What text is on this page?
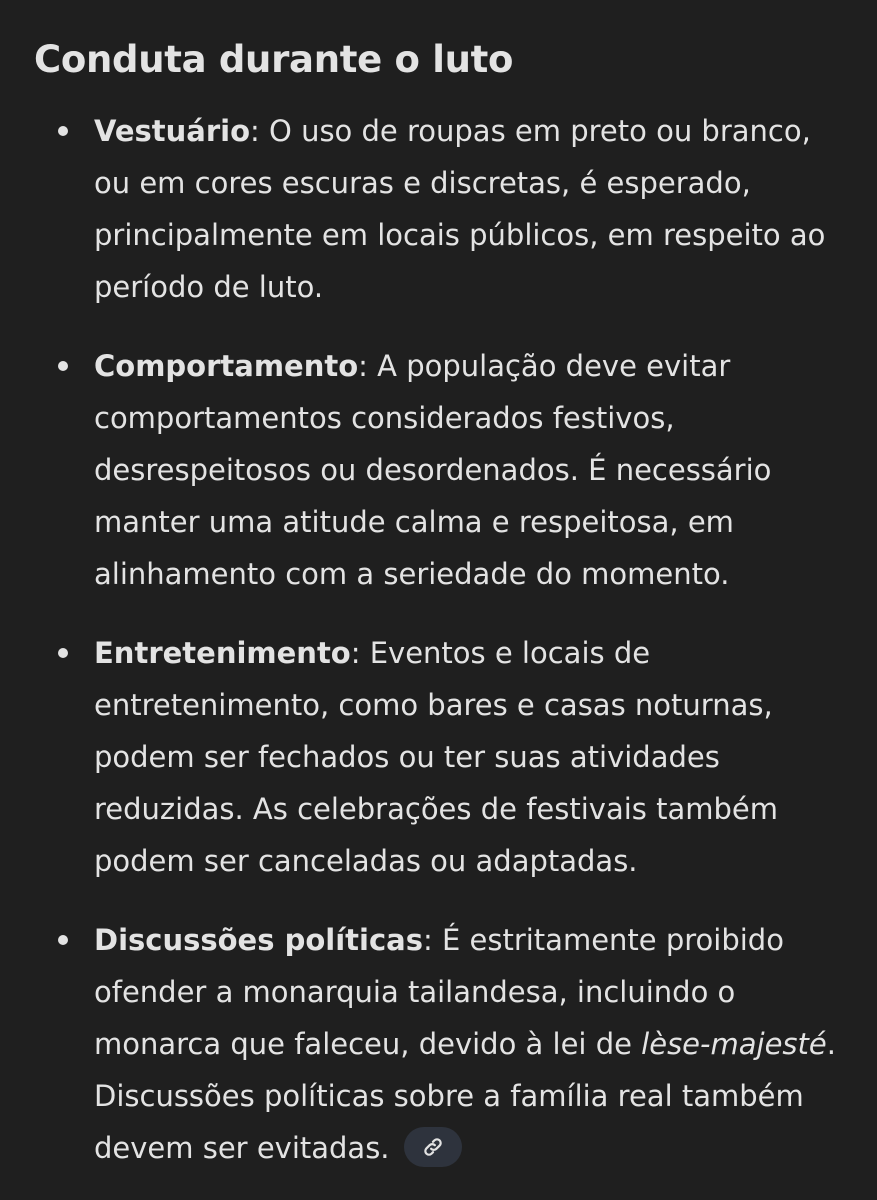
Conduta durante o luto
Vestuário: O uso de roupas em preto ou branco, ou em cores escuras e discretas, é esperado, principalmente em locais públicos, em respeito ao período de luto.
Comportamento: A população deve evitar comportamentos considerados festivos, desrespeitosos ou desordenados. É necessário manter uma atitude calma e respeitosa, em alinhamento com a seriedade do momento.
Entretenimento: Eventos e locais de entretenimento, como bares e casas noturnas, podem ser fechados ou ter suas atividades reduzidas. As celebrações de festivais também podem ser canceladas ou adaptadas.
Discussões políticas: É estritamente proibido ofender a monarquia tailandesa, incluindo o monarca que faleceu, devido à lei de lèse-majesté. Discussões políticas sobre a família real também devem ser evitadas.
